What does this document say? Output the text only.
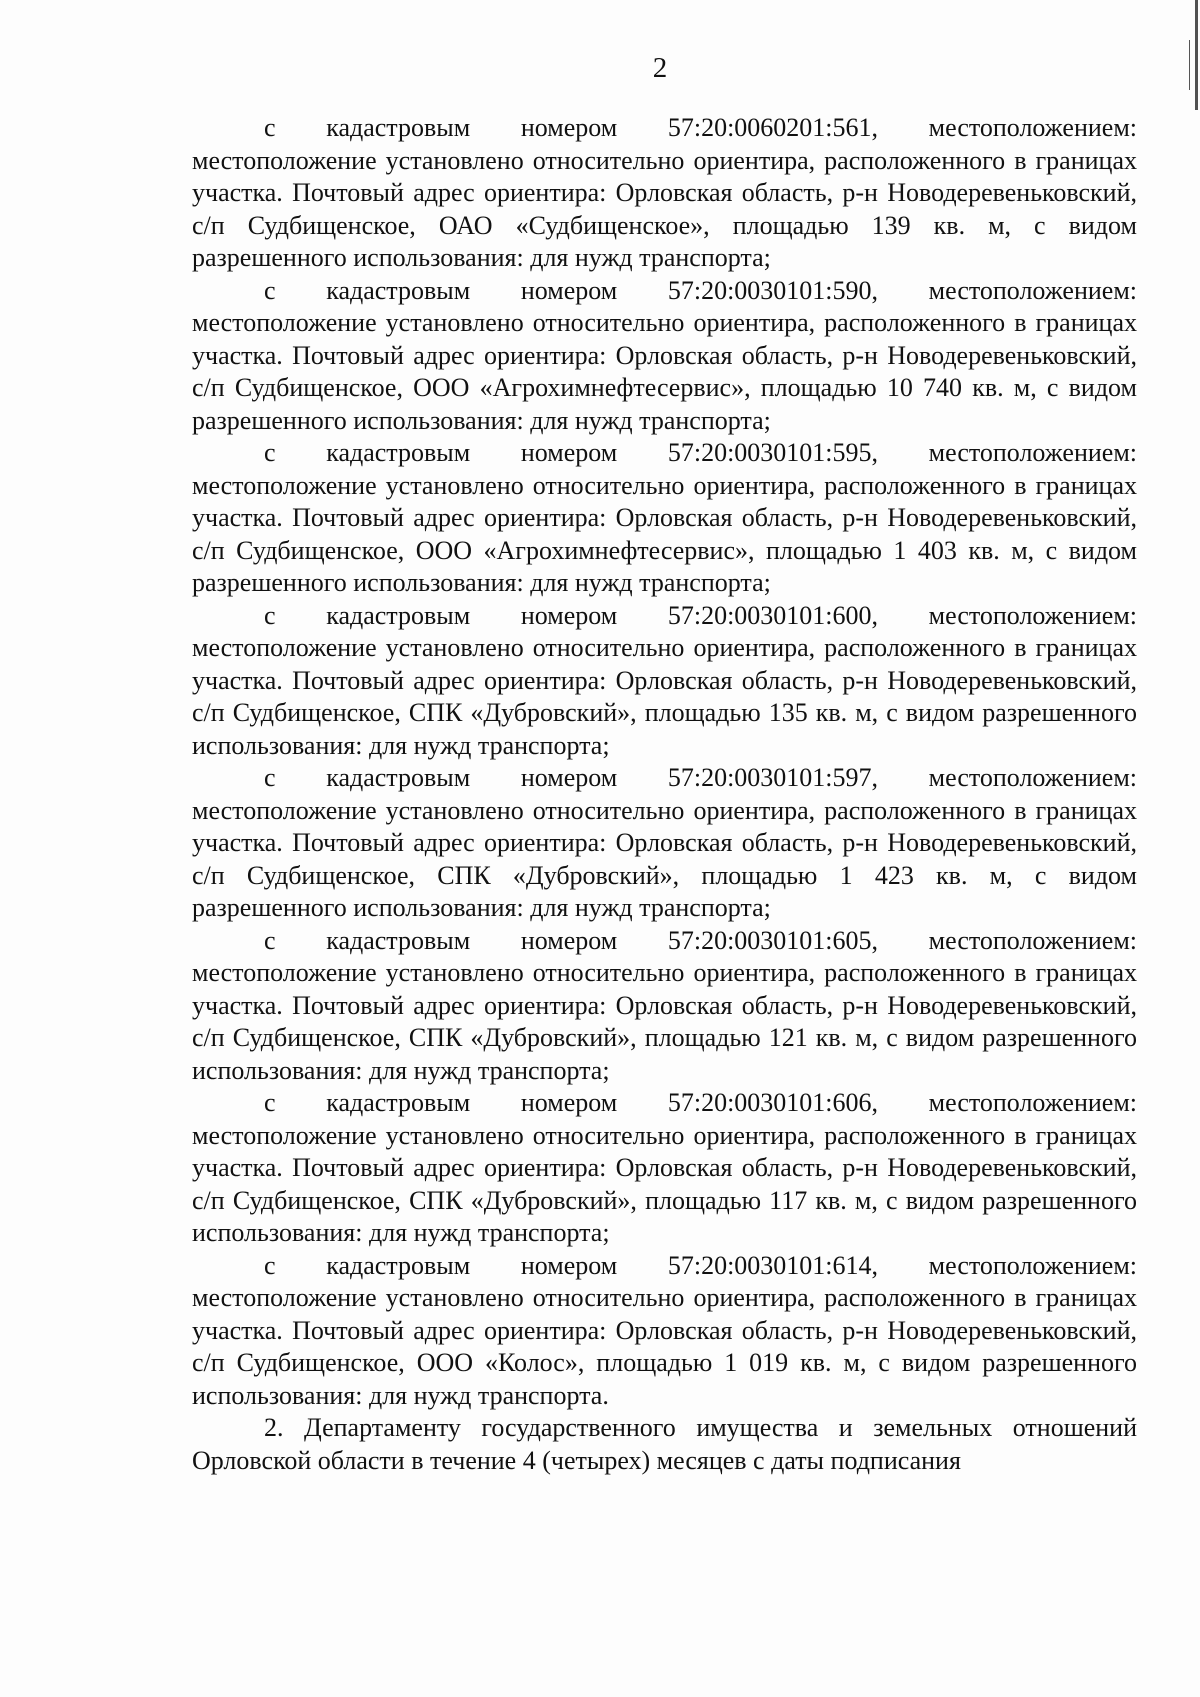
2

с кадастровым номером 57:20:0060201:561, местоположением: местоположение установлено относительно ориентира, расположенного в границах участка. Почтовый адрес ориентира: Орловская область, р-н Новодеревеньковский, с/п Судбищенское, ОАО «Судбищенское», площадью 139 кв. м, с видом разрешенного использования: для нужд транспорта;

с кадастровым номером 57:20:0030101:590, местоположением: местоположение установлено относительно ориентира, расположенного в границах участка. Почтовый адрес ориентира: Орловская область, р-н Новодеревеньковский, с/п Судбищенское, ООО «Агрохимнефтесервис», площадью 10 740 кв. м, с видом разрешенного использования: для нужд транспорта;

с кадастровым номером 57:20:0030101:595, местоположением: местоположение установлено относительно ориентира, расположенного в границах участка. Почтовый адрес ориентира: Орловская область, р-н Новодеревеньковский, с/п Судбищенское, ООО «Агрохимнефтесервис», площадью 1 403 кв. м, с видом разрешенного использования: для нужд транспорта;

с кадастровым номером 57:20:0030101:600, местоположением: местоположение установлено относительно ориентира, расположенного в границах участка. Почтовый адрес ориентира: Орловская область, р-н Новодеревеньковский, с/п Судбищенское, СПК «Дубровский», площадью 135 кв. м, с видом разрешенного использования: для нужд транспорта;

с кадастровым номером 57:20:0030101:597, местоположением: местоположение установлено относительно ориентира, расположенного в границах участка. Почтовый адрес ориентира: Орловская область, р-н Новодеревеньковский, с/п Судбищенское, СПК «Дубровский», площадью 1 423 кв. м, с видом разрешенного использования: для нужд транспорта;

с кадастровым номером 57:20:0030101:605, местоположением: местоположение установлено относительно ориентира, расположенного в границах участка. Почтовый адрес ориентира: Орловская область, р-н Новодеревеньковский, с/п Судбищенское, СПК «Дубровский», площадью 121 кв. м, с видом разрешенного использования: для нужд транспорта;

с кадастровым номером 57:20:0030101:606, местоположением: местоположение установлено относительно ориентира, расположенного в границах участка. Почтовый адрес ориентира: Орловская область, р-н Новодеревеньковский, с/п Судбищенское, СПК «Дубровский», площадью 117 кв. м, с видом разрешенного использования: для нужд транспорта;

с кадастровым номером 57:20:0030101:614, местоположением: местоположение установлено относительно ориентира, расположенного в границах участка. Почтовый адрес ориентира: Орловская область, р-н Новодеревеньковский, с/п Судбищенское, ООО «Колос», площадью 1 019 кв. м, с видом разрешенного использования: для нужд транспорта.

2. Департаменту государственного имущества и земельных отношений Орловской области в течение 4 (четырех) месяцев с даты подписания
